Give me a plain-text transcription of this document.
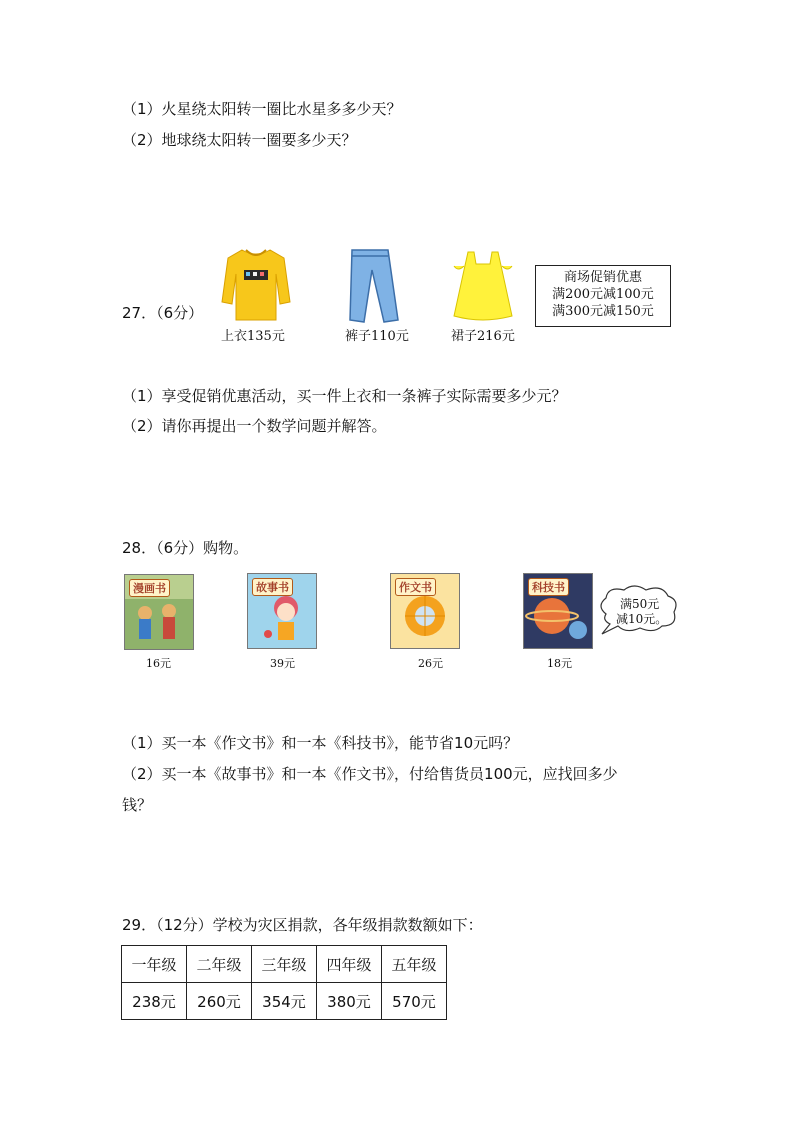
（1）火星绕太阳转一圈比水星多多少天？
（2）地球绕太阳转一圈要多少天？
27．（6分）
上衣135元	裤子110元	裙子216元
商场促销优惠
满200元减100元
满300元减150元
（1）享受促销优惠活动，买一件上衣和一条裤子实际需要多少元？
（2）请你再提出一个数学问题并解答。
28．（6分）购物。
漫画书
16元
故事书
39元
作文书
26元
科技书
18元
满50元
减10元。
（1）买一本《作文书》和一本《科技书》，能节省10元吗？
（2）买一本《故事书》和一本《作文书》，付给售货员100元，应找回多少
钱？
29．（12分）学校为灾区捐款，各年级捐款数额如下：
一年级	二年级	三年级	四年级	五年级
238元	260元	354元	380元	570元
